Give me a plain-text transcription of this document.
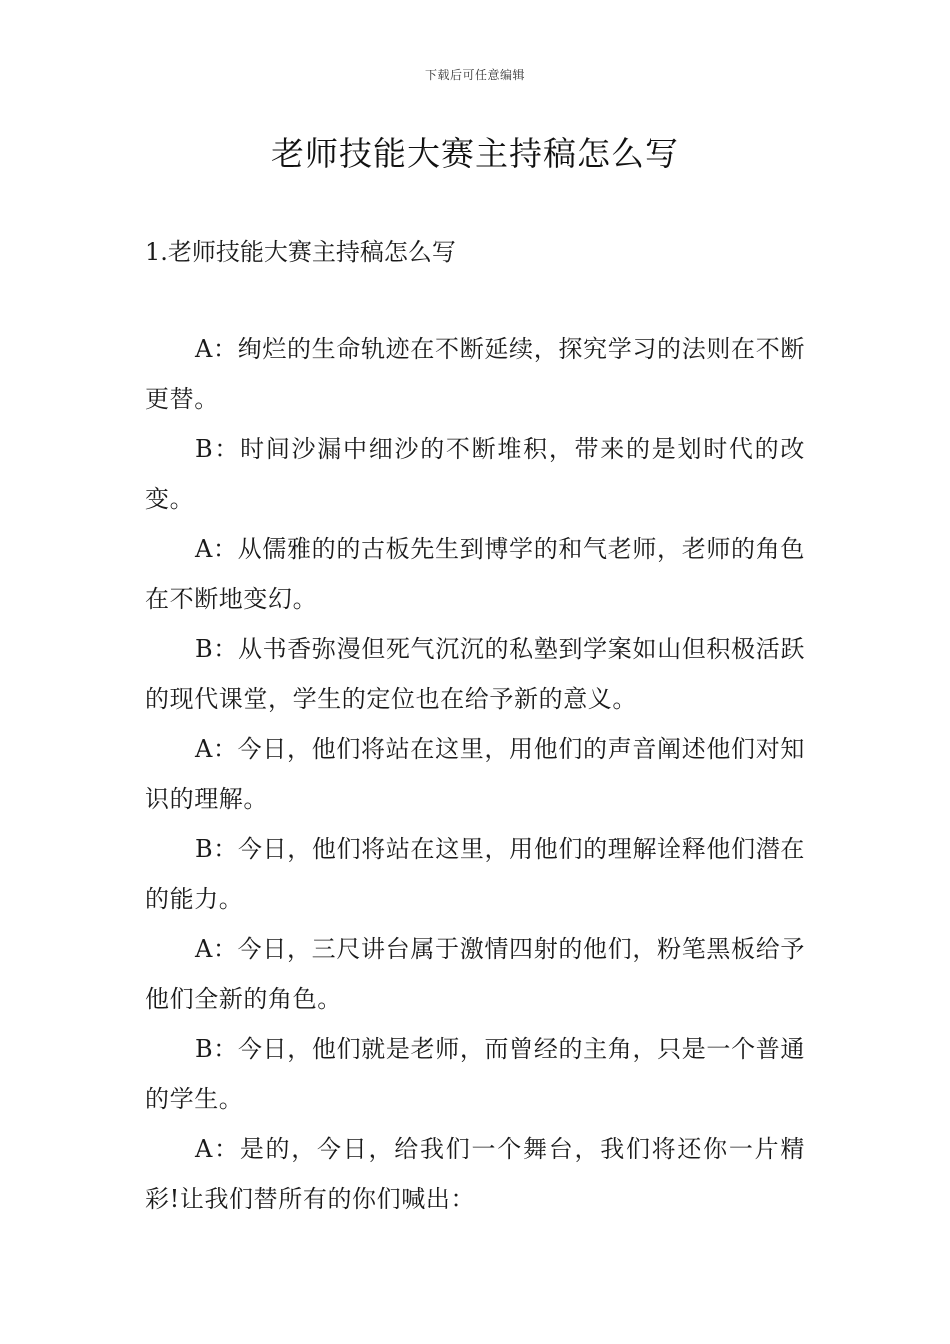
下载后可任意编辑
老师技能大赛主持稿怎么写
1.老师技能大赛主持稿怎么写

A：绚烂的生命轨迹在不断延续，探究学习的法则在不断更替。

B：时间沙漏中细沙的不断堆积，带来的是划时代的改变。

A：从儒雅的的古板先生到博学的和气老师，老师的角色在不断地变幻。

B：从书香弥漫但死气沉沉的私塾到学案如山但积极活跃的现代课堂，学生的定位也在给予新的意义。

A：今日，他们将站在这里，用他们的声音阐述他们对知识的理解。

B：今日，他们将站在这里，用他们的理解诠释他们潜在的能力。

A：今日，三尺讲台属于激情四射的他们，粉笔黑板给予他们全新的角色。

B：今日，他们就是老师，而曾经的主角，只是一个普通的学生。

A：是的，今日，给我们一个舞台，我们将还你一片精彩!让我们替所有的你们喊出：
